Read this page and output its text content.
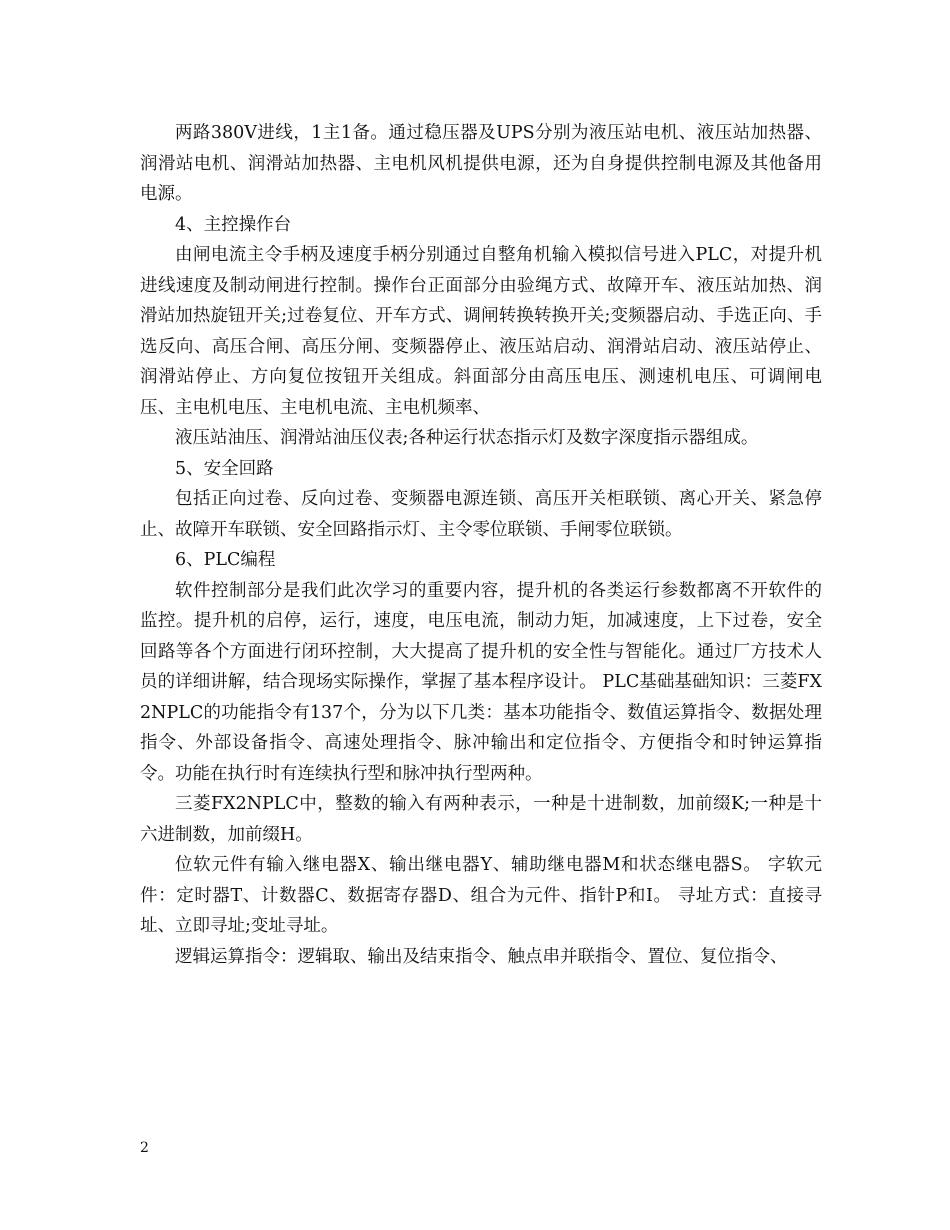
两路380V进线，1主1备。通过稳压器及UPS分别为液压站电机、液压站加热器、润滑站电机、润滑站加热器、主电机风机提供电源，还为自身提供控制电源及其他备用电源。

4、主控操作台

由闸电流主令手柄及速度手柄分别通过自整角机输入模拟信号进入PLC，对提升机进线速度及制动闸进行控制。操作台正面部分由验绳方式、故障开车、液压站加热、润滑站加热旋钮开关;过卷复位、开车方式、调闸转换转换开关;变频器启动、手选正向、手选反向、高压合闸、高压分闸、变频器停止、液压站启动、润滑站启动、液压站停止、润滑站停止、方向复位按钮开关组成。斜面部分由高压电压、测速机电压、可调闸电压、主电机电压、主电机电流、主电机频率、

液压站油压、润滑站油压仪表;各种运行状态指示灯及数字深度指示器组成。

5、安全回路

包括正向过卷、反向过卷、变频器电源连锁、高压开关柜联锁、离心开关、紧急停止、故障开车联锁、安全回路指示灯、主令零位联锁、手闸零位联锁。

6、PLC编程

软件控制部分是我们此次学习的重要内容，提升机的各类运行参数都离不开软件的监控。提升机的启停，运行，速度，电压电流，制动力矩，加减速度，上下过卷，安全回路等各个方面进行闭环控制，大大提高了提升机的安全性与智能化。通过厂方技术人员的详细讲解，结合现场实际操作，掌握了基本程序设计。 PLC基础基础知识：三菱FX2NPLC的功能指令有137个，分为以下几类：基本功能指令、数值运算指令、数据处理指令、外部设备指令、高速处理指令、脉冲输出和定位指令、方便指令和时钟运算指令。功能在执行时有连续执行型和脉冲执行型两种。

三菱FX2NPLC中，整数的输入有两种表示，一种是十进制数，加前缀K;一种是十六进制数，加前缀H。

位软元件有输入继电器X、输出继电器Y、辅助继电器M和状态继电器S。 字软元件：定时器T、计数器C、数据寄存器D、组合为元件、指针P和I。 寻址方式：直接寻址、立即寻址;变址寻址。

逻辑运算指令：逻辑取、输出及结束指令、触点串并联指令、置位、复位指令、

2
